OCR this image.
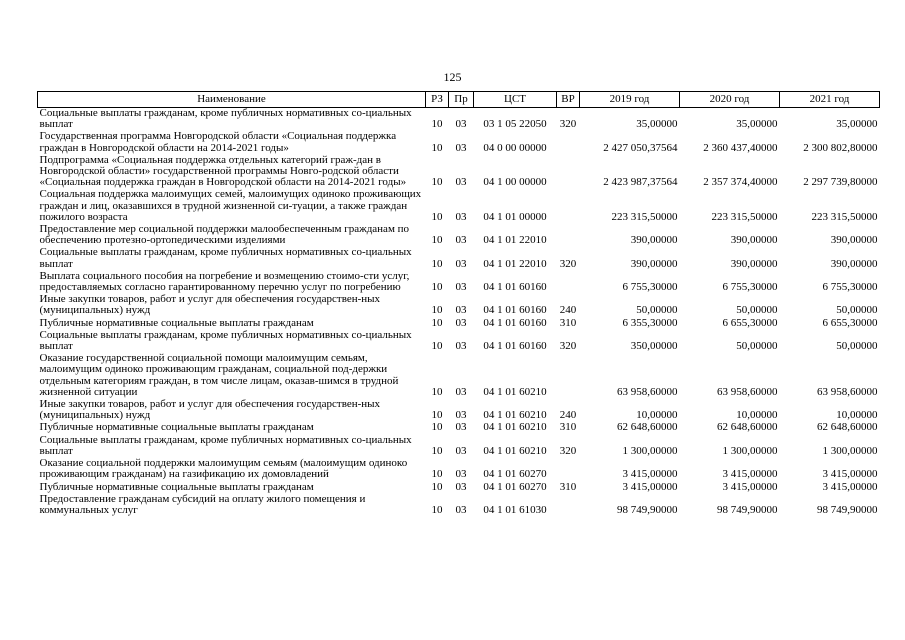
125
Наименование	РЗ	Пр	ЦСТ	ВР	2019 год	2020 год	2021 год
Социальные выплаты гражданам, кроме публичных нормативных со-циальных выплат	10	03	03 1 05 22050	320	35,00000	35,00000	35,00000
Государственная программа Новгородской области «Социальная поддержка граждан в Новгородской области на 2014-2021 годы»	10	03	04 0 00 00000		2 427 050,37564	2 360 437,40000	2 300 802,80000
Подпрограмма «Социальная поддержка отдельных категорий граж-дан в Новгородской области» государственной программы Новго-родской области «Социальная поддержка граждан в Новгородской области на 2014-2021 годы»	10	03	04 1 00 00000		2 423 987,37564	2 357 374,40000	2 297 739,80000
Социальная поддержка малоимущих семей, малоимущих одиноко проживающих граждан и лиц, оказавшихся в трудной жизненной си-туации, а также граждан пожилого возраста	10	03	04 1 01 00000		223 315,50000	223 315,50000	223 315,50000
Предоставление мер социальной поддержки малообеспеченным гражданам по обеспечению протезно-ортопедическими изделиями	10	03	04 1 01 22010		390,00000	390,00000	390,00000
Социальные выплаты гражданам, кроме публичных нормативных со-циальных выплат	10	03	04 1 01 22010	320	390,00000	390,00000	390,00000
Выплата социального пособия на погребение и возмещению стоимо-сти услуг, предоставляемых согласно гарантированному перечню услуг по погребению	10	03	04 1 01 60160		6 755,30000	6 755,30000	6 755,30000
Иные закупки товаров, работ и услуг для обеспечения государствен-ных (муниципальных) нужд	10	03	04 1 01 60160	240	50,00000	50,00000	50,00000
Публичные нормативные социальные выплаты гражданам	10	03	04 1 01 60160	310	6 355,30000	6 655,30000	6 655,30000
Социальные выплаты гражданам, кроме публичных нормативных со-циальных выплат	10	03	04 1 01 60160	320	350,00000	50,00000	50,00000
Оказание государственной социальной помощи малоимущим семьям, малоимущим одиноко проживающим гражданам, социальной под-держки отдельным категориям граждан, в том числе лицам, оказав-шимся в трудной жизненной ситуации	10	03	04 1 01 60210		63 958,60000	63 958,60000	63 958,60000
Иные закупки товаров, работ и услуг для обеспечения государствен-ных (муниципальных) нужд	10	03	04 1 01 60210	240	10,00000	10,00000	10,00000
Публичные нормативные социальные выплаты гражданам	10	03	04 1 01 60210	310	62 648,60000	62 648,60000	62 648,60000
Социальные выплаты гражданам, кроме публичных нормативных со-циальных выплат	10	03	04 1 01 60210	320	1 300,00000	1 300,00000	1 300,00000
Оказание социальной поддержки малоимущим семьям (малоимущим одиноко проживающим гражданам) на газификацию их домовладений	10	03	04 1 01 60270		3 415,00000	3 415,00000	3 415,00000
Публичные нормативные социальные выплаты гражданам	10	03	04 1 01 60270	310	3 415,00000	3 415,00000	3 415,00000
Предоставление гражданам субсидий на оплату жилого помещения и коммунальных услуг	10	03	04 1 01 61030		98 749,90000	98 749,90000	98 749,90000
